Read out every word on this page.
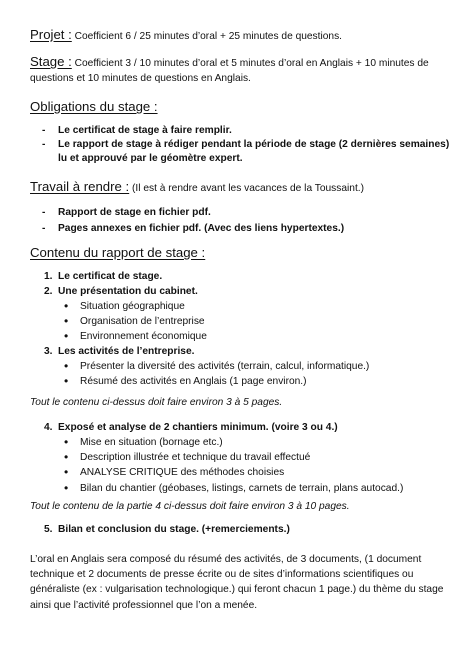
Projet : Coefficient 6 / 25 minutes d’oral + 25 minutes de questions.
Stage : Coefficient 3 / 10 minutes d’oral et 5 minutes d’oral en Anglais + 10 minutes de questions et 10 minutes de questions en Anglais.
Obligations du stage :
- Le certificat de stage à faire remplir.
- Le rapport de stage à rédiger pendant la période de stage (2 dernières semaines) lu et approuvé par le géomètre expert.
Travail à rendre : (Il est à rendre avant les vacances de la Toussaint.)
- Rapport de stage en fichier pdf.
- Pages annexes en fichier pdf. (Avec des liens hypertextes.)
Contenu du rapport de stage :
1. Le certificat de stage.
2. Une présentation du cabinet.
• Situation géographique
• Organisation de l’entreprise
• Environnement économique
3. Les activités de l’entreprise.
• Présenter la diversité des activités (terrain, calcul, informatique.)
• Résumé des activités en Anglais (1 page environ.)
Tout le contenu ci-dessus doit faire environ 3 à 5 pages.
4. Exposé et analyse de 2 chantiers minimum. (voire 3 ou 4.)
• Mise en situation (bornage etc.)
• Description illustrée et technique du travail effectué
• ANALYSE CRITIQUE des méthodes choisies
• Bilan du chantier (géobases, listings, carnets de terrain, plans autocad.)
Tout le contenu de la partie 4 ci-dessus doit faire environ 3 à 10 pages.
5. Bilan et conclusion du stage. (+remerciements.)
L’oral en Anglais sera composé du résumé des activités, de 3 documents, (1 document technique et 2 documents de presse écrite ou de sites d’informations scientifiques ou généraliste (ex : vulgarisation technologique.) qui feront chacun 1 page.) du thème du stage ainsi que l’activité professionnel que l’on a menée.
